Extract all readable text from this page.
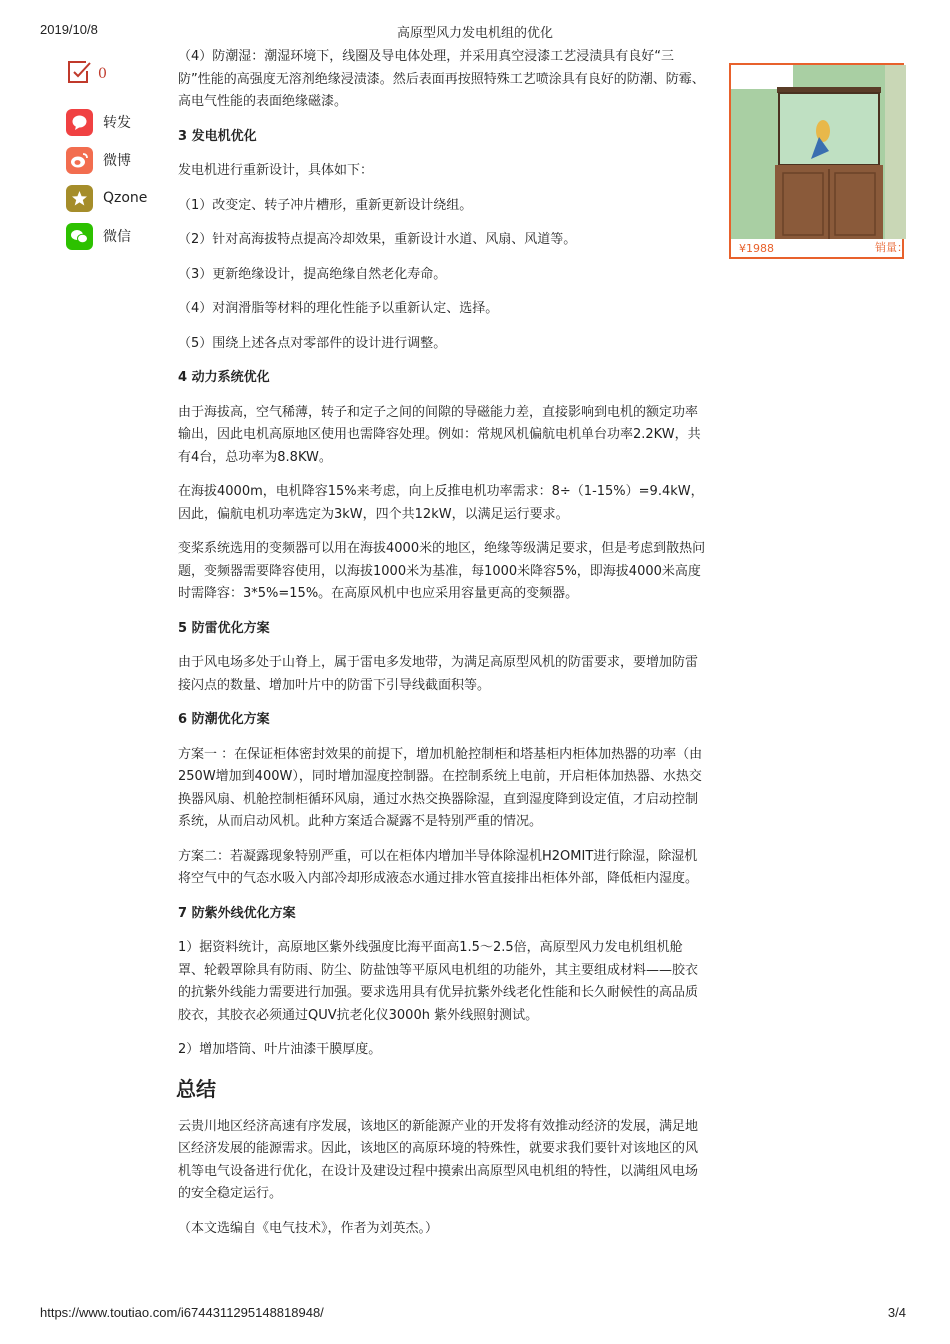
2019/10/8	高原型风力发电机组的优化
0
转发
微博
Qzone
微信

（4）防潮湿：潮湿环境下，线圈及导电体处理，并采用真空浸漆工艺浸渍具有良好“三防”性能的高强度无溶剂绝缘浸渍漆。然后表面再按照特殊工艺喷涂具有良好的防潮、防霉、高电气性能的表面绝缘磁漆。

3 发电机优化

发电机进行重新设计，具体如下：

（1）改变定、转子冲片槽形，重新更新设计绕组。

（2）针对高海拔特点提高冷却效果，重新设计水道、风扇、风道等。

（3）更新绝缘设计，提高绝缘自然老化寿命。

（4）对润滑脂等材料的理化性能予以重新认定、选择。

（5）围绕上述各点对零部件的设计进行调整。

4 动力系统优化

由于海拔高，空气稀薄，转子和定子之间的间隙的导磁能力差，直接影响到电机的额定功率输出，因此电机高原地区使用也需降容处理。例如：常规风机偏航电机单台功率2.2KW，共有4台，总功率为8.8KW。

在海拔4000m，电机降容15%来考虑，向上反推电机功率需求：8÷（1-15%）=9.4kW，因此，偏航电机功率选定为3kW，四个共12kW，以满足运行要求。

变桨系统选用的变频器可以用在海拔4000米的地区，绝缘等级满足要求，但是考虑到散热问题，变频器需要降容使用，以海拔1000米为基准，每1000米降容5%，即海拔4000米高度时需降容：3*5%=15%。在高原风机中也应采用容量更高的变频器。

5 防雷优化方案

由于风电场多处于山脊上，属于雷电多发地带，为满足高原型风机的防雷要求，要增加防雷接闪点的数量、增加叶片中的防雷下引导线截面积等。

6 防潮优化方案

方案一 ：在保证柜体密封效果的前提下，增加机舱控制柜和塔基柜内柜体加热器的功率（由250W增加到400W），同时增加湿度控制器。在控制系统上电前，开启柜体加热器、水热交换器风扇、机舱控制柜循环风扇，通过水热交换器除湿，直到湿度降到设定值，才启动控制系统，从而启动风机。此种方案适合凝露不是特别严重的情况。

方案二：若凝露现象特别严重，可以在柜体内增加半导体除湿机H2OMIT进行除湿，除湿机将空气中的气态水吸入内部冷却形成液态水通过排水管直接排出柜体外部，降低柜内湿度。

7 防紫外线优化方案

1）据资料统计，高原地区紫外线强度比海平面高1.5～2.5倍，高原型风力发电机组机舱罩、轮毂罩除具有防雨、防尘、防盐蚀等平原风电机组的功能外，其主要组成材料——胶衣的抗紫外线能力需要进行加强。要求选用具有优异抗紫外线老化性能和长久耐候性的高品质胶衣，其胶衣必须通过QUV抗老化仪3000h 紫外线照射测试。

2）增加塔筒、叶片油漆干膜厚度。

总结

云贵川地区经济高速有序发展，该地区的新能源产业的开发将有效推动经济的发展，满足地区经济发展的能源需求。因此，该地区的高原环境的特殊性，就要求我们要针对该地区的风机等电气设备进行优化，在设计及建设过程中摸索出高原型风电机组的特性，以满组风电场的安全稳定运行。

（本文选编自《电气技术》，作者为刘英杰。）

¥1988	销量：
https://www.toutiao.com/i6744311295148818948/	3/4
